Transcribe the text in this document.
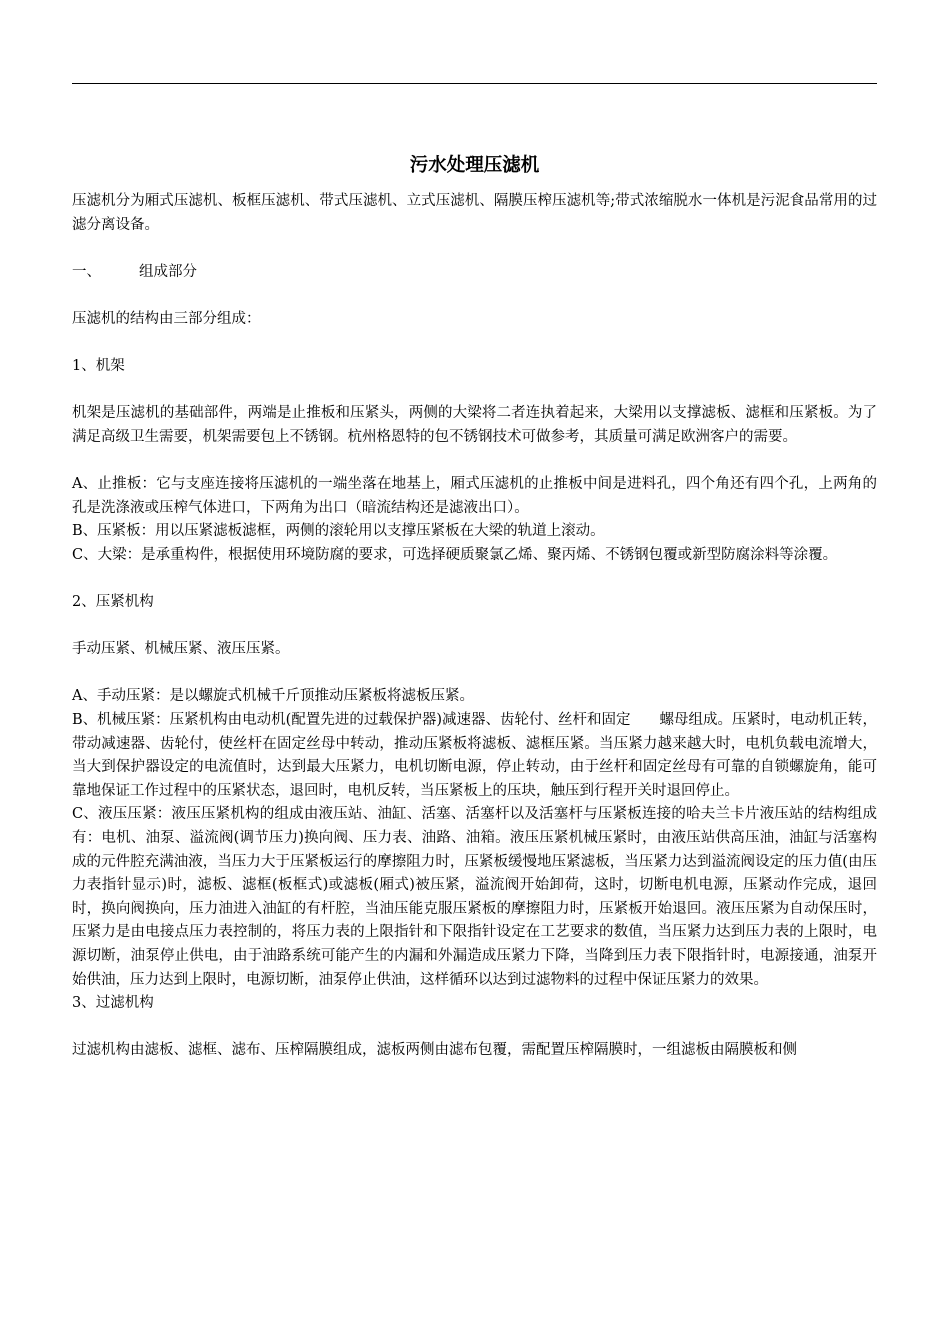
污水处理压滤机

压滤机分为厢式压滤机、板框压滤机、带式压滤机、立式压滤机、隔膜压榨压滤机等;带式浓缩脱水一体机是污泥食品常用的过滤分离设备。

一、	组成部分

压滤机的结构由三部分组成：

1、机架

机架是压滤机的基础部件，两端是止推板和压紧头，两侧的大梁将二者连执着起来，大梁用以支撑滤板、滤框和压紧板。为了满足高级卫生需要，机架需要包上不锈钢。杭州格恩特的包不锈钢技术可做参考，其质量可满足欧洲客户的需要。

A、止推板：它与支座连接将压滤机的一端坐落在地基上，厢式压滤机的止推板中间是进料孔，四个角还有四个孔，上两角的孔是洗涤液或压榨气体进口，下两角为出口（暗流结构还是滤液出口）。

B、压紧板：用以压紧滤板滤框，两侧的滚轮用以支撑压紧板在大梁的轨道上滚动。

C、大梁：是承重构件，根据使用环境防腐的要求，可选择硬质聚氯乙烯、聚丙烯、不锈钢包覆或新型防腐涂料等涂覆。

2、压紧机构

手动压紧、机械压紧、液压压紧。

A、手动压紧：是以螺旋式机械千斤顶推动压紧板将滤板压紧。

B、机械压紧：压紧机构由电动机(配置先进的过载保护器)减速器、齿轮付、丝杆和固定　　螺母组成。压紧时，电动机正转，带动减速器、齿轮付，使丝杆在固定丝母中转动，推动压紧板将滤板、滤框压紧。当压紧力越来越大时，电机负载电流增大，当大到保护器设定的电流值时，达到最大压紧力，电机切断电源，停止转动，由于丝杆和固定丝母有可靠的自锁螺旋角，能可靠地保证工作过程中的压紧状态，退回时，电机反转，当压紧板上的压块，触压到行程开关时退回停止。

C、液压压紧：液压压紧机构的组成由液压站、油缸、活塞、活塞杆以及活塞杆与压紧板连接的哈夫兰卡片液压站的结构组成有：电机、油泵、溢流阀(调节压力)换向阀、压力表、油路、油箱。液压压紧机械压紧时，由液压站供高压油，油缸与活塞构成的元件腔充满油液，当压力大于压紧板运行的摩擦阻力时，压紧板缓慢地压紧滤板，当压紧力达到溢流阀设定的压力值(由压力表指针显示)时，滤板、滤框(板框式)或滤板(厢式)被压紧，溢流阀开始卸荷，这时，切断电机电源，压紧动作完成，退回时，换向阀换向，压力油进入油缸的有杆腔，当油压能克服压紧板的摩擦阻力时，压紧板开始退回。液压压紧为自动保压时，压紧力是由电接点压力表控制的，将压力表的上限指针和下限指针设定在工艺要求的数值，当压紧力达到压力表的上限时，电源切断，油泵停止供电，由于油路系统可能产生的内漏和外漏造成压紧力下降，当降到压力表下限指针时，电源接通，油泵开始供油，压力达到上限时，电源切断，油泵停止供油，这样循环以达到过滤物料的过程中保证压紧力的效果。

3、过滤机构

过滤机构由滤板、滤框、滤布、压榨隔膜组成，滤板两侧由滤布包覆，需配置压榨隔膜时，一组滤板由隔膜板和侧
